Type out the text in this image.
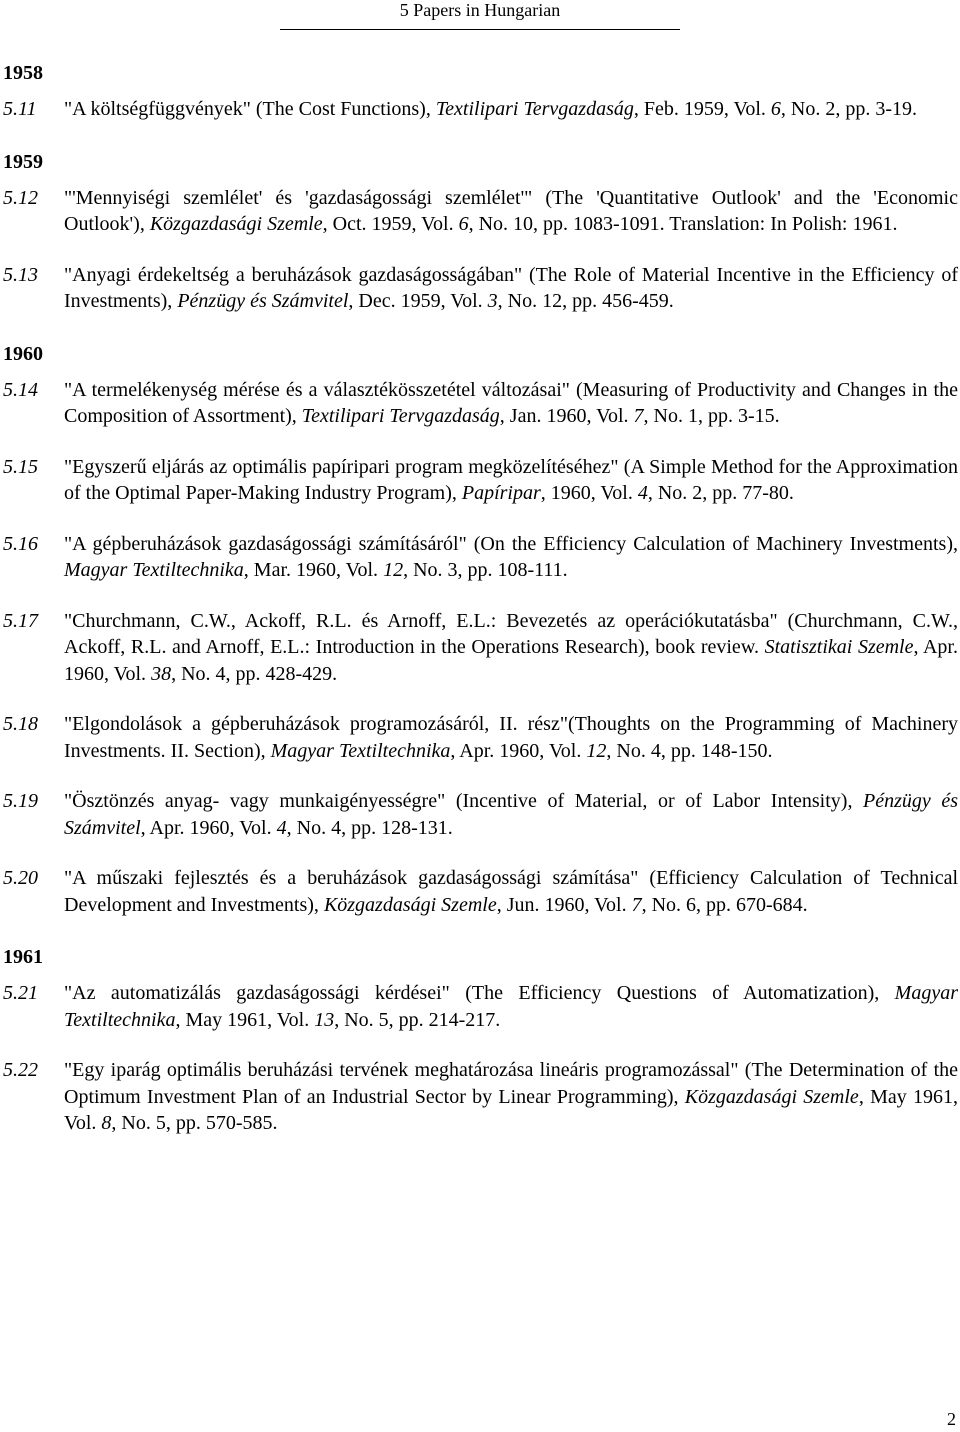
5 Papers in Hungarian
1958
5.11 "A költségfüggvények" (The Cost Functions), Textilipari Tervgazdaság, Feb. 1959, Vol. 6, No. 2, pp. 3-19.
1959
5.12 "'Mennyiségi szemlélet' és 'gazdaságossági szemlélet'" (The 'Quantitative Outlook' and the 'Economic Outlook'), Közgazdasági Szemle, Oct. 1959, Vol. 6, No. 10, pp. 1083-1091. Translation: In Polish: 1961.
5.13 "Anyagi érdekeltség a beruházások gazdaságosságában" (The Role of Material Incentive in the Efficiency of Investments), Pénzügy és Számvitel, Dec. 1959, Vol. 3, No. 12, pp. 456-459.
1960
5.14 "A termelékenység mérése és a választékösszetétel változásai" (Measuring of Productivity and Changes in the Composition of Assortment), Textilipari Tervgazdaság, Jan. 1960, Vol. 7, No. 1, pp. 3-15.
5.15 "Egyszerű eljárás az optimális papíripari program megközelítéséhez" (A Simple Method for the Approximation of the Optimal Paper-Making Industry Program), Papíripar, 1960, Vol. 4, No. 2, pp. 77-80.
5.16 "A gépberuházások gazdaságossági számításáról" (On the Efficiency Calculation of Machinery Investments), Magyar Textiltechnika, Mar. 1960, Vol. 12, No. 3, pp. 108-111.
5.17 "Churchmann, C.W., Ackoff, R.L. és Arnoff, E.L.: Bevezetés az operációkutatásba" (Churchmann, C.W., Ackoff, R.L. and Arnoff, E.L.: Introduction in the Operations Research), book review. Statisztikai Szemle, Apr. 1960, Vol. 38, No. 4, pp. 428-429.
5.18 "Elgondolások a gépberuházások programozásáról, II. rész"(Thoughts on the Programming of Machinery Investments. II. Section), Magyar Textiltechnika, Apr. 1960, Vol. 12, No. 4, pp. 148-150.
5.19 "Ösztönzés anyag- vagy munkaigényességre" (Incentive of Material, or of Labor Intensity), Pénzügy és Számvitel, Apr. 1960, Vol. 4, No. 4, pp. 128-131.
5.20 "A műszaki fejlesztés és a beruházások gazdaságossági számítása" (Efficiency Calculation of Technical Development and Investments), Közgazdasági Szemle, Jun. 1960, Vol. 7, No. 6, pp. 670-684.
1961
5.21 "Az automatizálás gazdaságossági kérdései" (The Efficiency Questions of Automatization), Magyar Textiltechnika, May 1961, Vol. 13, No. 5, pp. 214-217.
5.22 "Egy iparág optimális beruházási tervének meghatározása lineáris programozással" (The Determination of the Optimum Investment Plan of an Industrial Sector by Linear Programming), Közgazdasági Szemle, May 1961, Vol. 8, No. 5, pp. 570-585.
2
